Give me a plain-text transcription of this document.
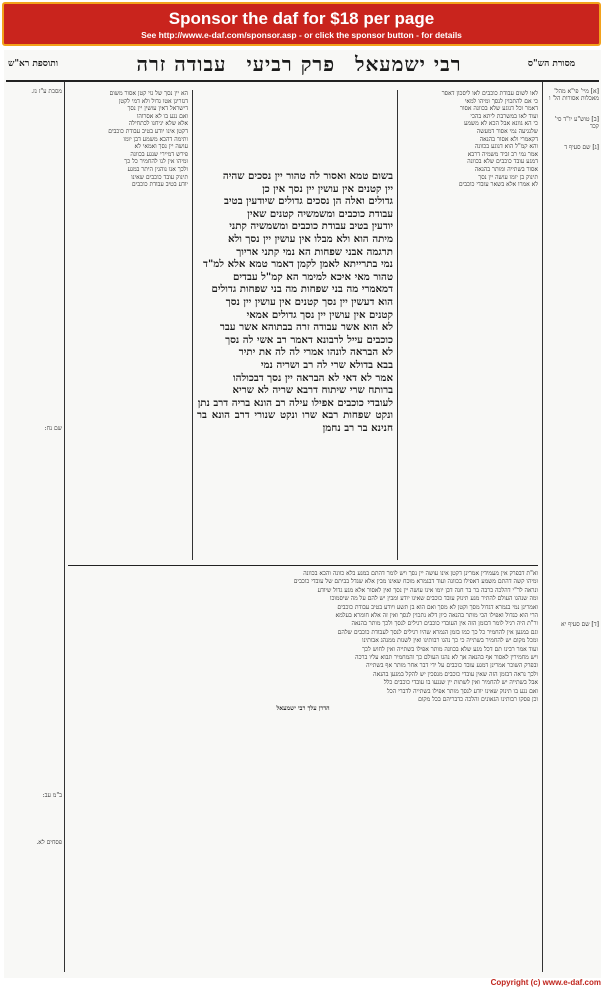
Sponsor the daf for $18 per page
See http://www.e-daf.com/sponsor.asp - or click the sponsor button - for details
מסורת הש"ס
ותוספת רא"ש	רבי ישמעאל פרק רביעי עבודה זרה
מסכת ע"ז נז.
שם נח:
ב"מ עב:
פסחים לא.
[א] מיי' פי"א מהל' מאכלות אסורות הל' ו
[ב] טוש"ע יו"ד סי' קכד
[ג] שם סעיף ד
[ד] שם סעיף יא

לאו לשום עבודת כוכבים לאו ליסכון דאסר

כי אם להתכוין לנסך ומיהו למאי

דאמר וכל דנוגע שלא בכוונה אסור

ועוד לאו במשרבת ליתא בהכי

כי הא גוונא אבל הכא לא משמע

שלנגיעה נמי אסור דמעשה

דקאמרי ולא אסור בהנאה

והא קמ"ל הוא דנוגע בכוונה

אמר נמי רב זביד משמיה דרבא

דמגע עובד כוכבים שלא בכוונה

אסור בשתייה ומותר בהנאה

תינוק בן יומו עושה יין נסך

לא אמרו אלא בשאר עובדי כוכבים

בשום טמא ואסור לה טהור יין נסכים שהיה

יין קטנים אין עושין יין נסך אין כן

גדולים ואלה הן נסכים גדולים שיודעין בטיב

עבודת כוכבים ומשמשיה קטנים שאין

יודעין בטיב עבודת כוכבים ומשמשיה קתני

מיתה הוא ולא מבלו אין עושין יין נסך ולא

תרגמה אבני שפחות הא נמי קתני אריוך

נמי בתרייתא לאמן לקמן דאמר טמא אלא למ"ד

טהור מאי איכא למימר הא קמ"ל עבדים

דמאמרי מה בני שפחות מה בני שפחות גדולים

הוא דעשין יין נסך קטנים אין עושין יין נסך

קטנים אין עושין יין נסך גדולים אמאי

לא הוא אשר עבודה זרה בבתוהא אשר עבר

כוכבים עייל לרבונא דאמר רב אשי לה נסך

לא הבראה לונהו אמרי לה לה את יתיר

בבא בדולא שרי לה רב ושריה נמי

אמר לא דאי לא הבראה יין נסך דבכולהו

ברותח שרי שיתוח דרבא שריה לא שריא

לעובדי כוכבים אפילו עילה רב הונא בריה דרב נתן

ונקט שפחות רבא שרו ונקט שנורי דרב הונא בר חנינא בר רב נחמן

הא יין נסך של גוי קטן אסור משום

דגזרינן אטו גדול ולא דמי לקטן

דישראל דאין עושין יין נסך

ואם נגע בו לא אסרוהו

אלא שלא יניחנו לכתחילה

דקטן אינו יודע בטיב עבודת כוכבים

ותימה דהכא משמע דבן יומו

עושה יין נסך ואמאי לא

פירש דמיירי שנגע בכוונה

ומיהו אין לנו להחמיר כל כך

ולכך אנו נוהגין היתר במגע

תינוק עובד כוכבים שאינו

יודע בטיב עבודת כוכבים

וא"ת דבפרק אין מעמידין אמרינן דקטן אינו עושה יין נסך ויש לומר דהתם במגע בלא כוונה והכא בכוונה

ומיהו קשה דהתם משמע דאפילו בכוונה ועוד דבגמרא מוכח שאינו מבין אלא שגדל בביתם של עובדי כוכבים

ונראה לר"י דהלכה כרבה בר בר חנה דבן יומו אינו עושה יין נסך ואין לאסור אלא מגע גדול שיודע

ומה שנהגו העולם להתיר מגע תינוק עובד כוכבים שאינו יודע ומבין יש להם על מה שיסמוכו

ואמרינן נמי בגמרא דגדול מסך וקטן לא מסך ואם הוא בן תשע ויודע בטיב עבודת כוכבים

הרי הוא כגדול ואפילו הכי מותר בהנאה כיון דלא נתכוין לנסך ואין זה אלא חומרא בעלמא

ור"ת היה רגיל לומר דבזמן הזה אין העובדי כוכבים רגילים לנסך ולכך מותר בהנאה

וגם במגען אין להחמיר כל כך כמו בזמן הגמרא שהיו רגילים לנסך לעבודת כוכבים שלהם

ומכל מקום יש להחמיר בשתייה כי כך נהגו רבותינו ואין לשנות ממנהג אבותינו

ועוד אמר רבינו תם דכל מגע שלא בכוונה מותר אפילו בשתייה ואין לחוש לכך

ויש מחמירין לאסור אף בהנאה אך לא נהגו העולם כך והמחמיר תבוא עליו ברכה

ובפרק השוכר אמרינן דמגע עובד כוכבים על ידי דבר אחר מותר אף בשתייה

ולכך נראה דבזמן הזה שאין עובדי כוכבים מנסכין יש להקל במגען בהנאה

אבל בשתייה יש להחמיר ואין לשתות יין שנגעו בו עובדי כוכבים כלל

ואם נגע בו תינוק שאינו יודע לנסך מותר אפילו בשתייה לדברי הכל

וכן פסקו רבותינו הגאונים והלכה כדבריהם בכל מקום

הדרן עלך רבי ישמעאל

Copyright (c) www.e-daf.com
